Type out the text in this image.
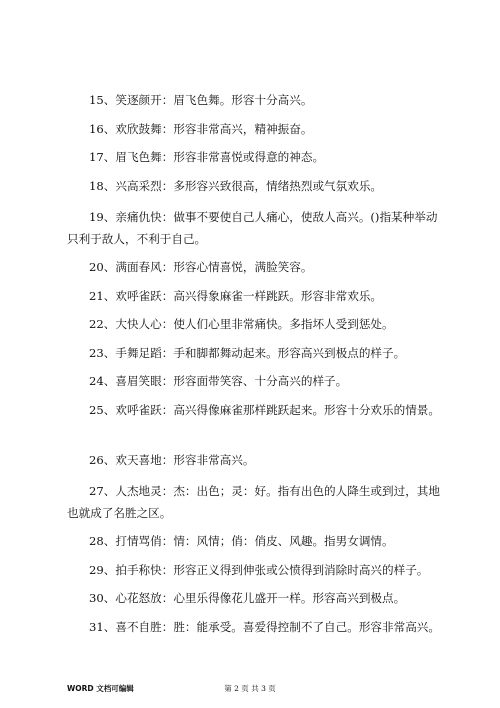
15、笑逐颜开：眉飞色舞。形容十分高兴。

16、欢欣鼓舞：形容非常高兴，精神振奋。

17、眉飞色舞：形容非常喜悦或得意的神态。

18、兴高采烈：多形容兴致很高，情绪热烈或气氛欢乐。

19、亲痛仇快：做事不要使自己人痛心，使敌人高兴。()指某种举动只利于敌人，不利于自己。

20、满面春风：形容心情喜悦，满脸笑容。

21、欢呼雀跃：高兴得象麻雀一样跳跃。形容非常欢乐。

22、大快人心：使人们心里非常痛快。多指坏人受到惩处。

23、手舞足蹈：手和脚都舞动起来。形容高兴到极点的样子。

24、喜眉笑眼：形容面带笑容、十分高兴的样子。

25、欢呼雀跃：高兴得像麻雀那样跳跃起来。形容十分欢乐的情景。

26、欢天喜地：形容非常高兴。

27、人杰地灵：杰：出色；灵：好。指有出色的人降生或到过，其地也就成了名胜之区。

28、打情骂俏：情：风情；俏：俏皮、风趣。指男女调情。

29、拍手称快：形容正义得到伸张或公愤得到消除时高兴的样子。

30、心花怒放：心里乐得像花儿盛开一样。形容高兴到极点。

31、喜不自胜：胜：能承受。喜爱得控制不了自己。形容非常高兴。

WORD 文档可编辑	第 2 页 共 3 页
